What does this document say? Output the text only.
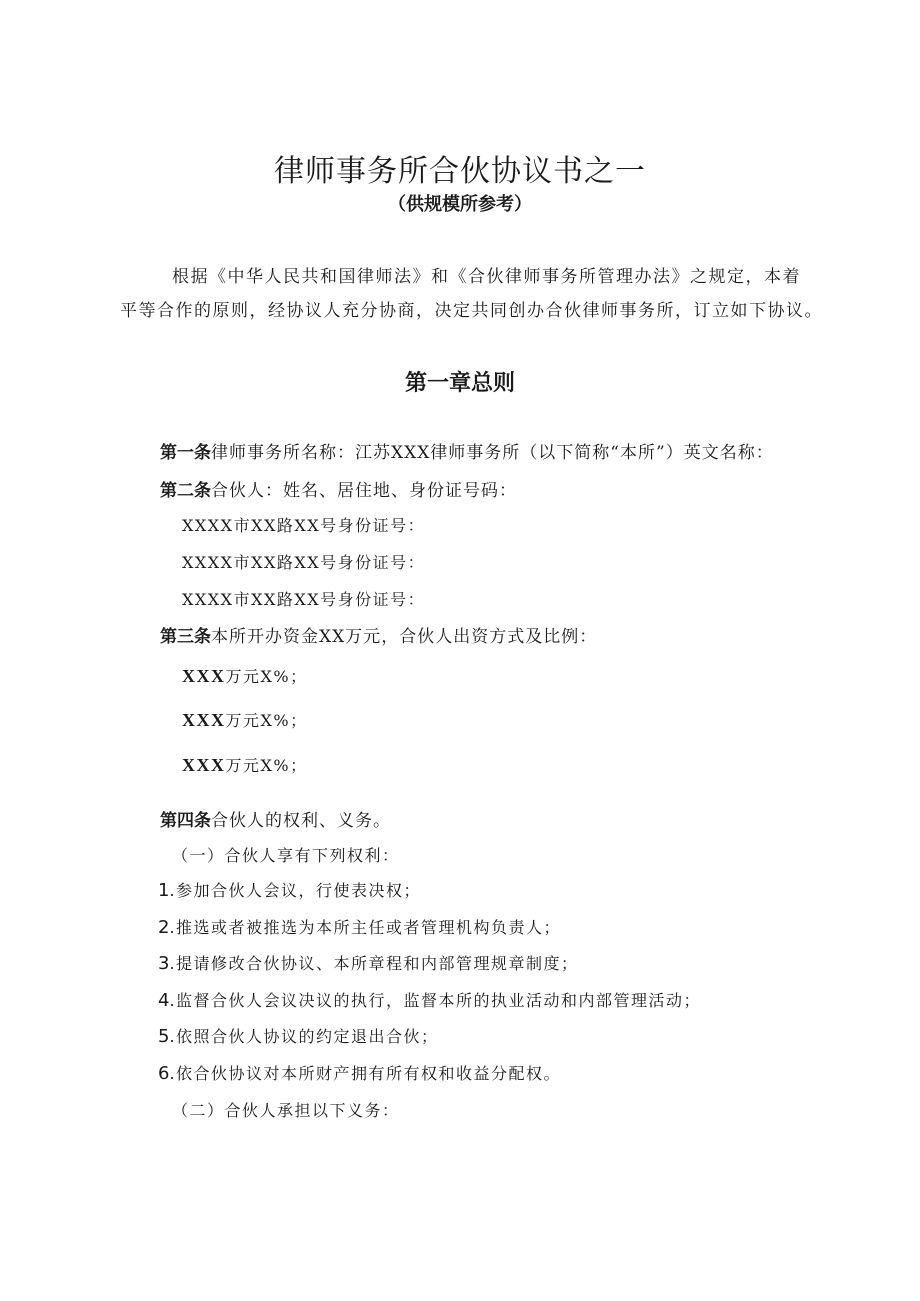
律师事务所合伙协议书之一
（供规模所参考）
根据《中华人民共和国律师法》和《合伙律师事务所管理办法》之规定，本着
平等合作的原则，经协议人充分协商，决定共同创办合伙律师事务所，订立如下协议。
第一章总则
第一条律师事务所名称：江苏XXX律师事务所（以下简称“本所”）英文名称：
第二条合伙人：姓名、居住地、身份证号码：
XXXX市XX路XX号身份证号：
XXXX市XX路XX号身份证号：
XXXX市XX路XX号身份证号：
第三条本所开办资金XX万元，合伙人出资方式及比例：
XXX万元X%；
XXX万元X%；
XXX万元X%；
第四条合伙人的权利、义务。
（一）合伙人享有下列权利：
1.参加合伙人会议，行使表决权；
2.推选或者被推选为本所主任或者管理机构负责人；
3.提请修改合伙协议、本所章程和内部管理规章制度；
4.监督合伙人会议决议的执行，监督本所的执业活动和内部管理活动；
5.依照合伙人协议的约定退出合伙；
6.依合伙协议对本所财产拥有所有权和收益分配权。
（二）合伙人承担以下义务：
